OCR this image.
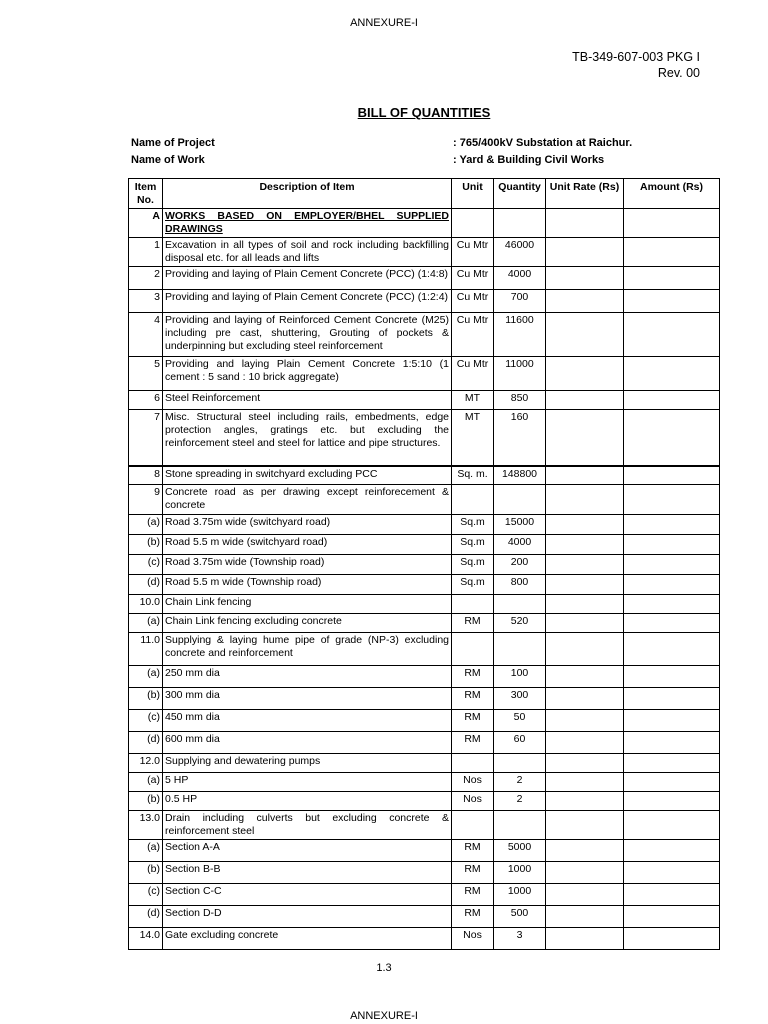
ANNEXURE-I
TB-349-607-003 PKG I
Rev. 00
BILL OF QUANTITIES
Name of Project	: 765/400kV Substation at Raichur.
Name of Work	: Yard & Building Civil Works
Item No.	Description of Item	Unit	Quantity	Unit Rate (Rs)	Amount (Rs)
A	WORKS BASED ON EMPLOYER/BHEL SUPPLIED DRAWINGS				
1	Excavation in all types of soil and rock including backfilling disposal etc. for all leads and lifts	Cu Mtr	46000		
2	Providing and laying of Plain Cement Concrete (PCC) (1:4:8)	Cu Mtr	4000		
3	Providing and laying of Plain Cement Concrete (PCC) (1:2:4)	Cu Mtr	700		
4	Providing and laying of Reinforced Cement Concrete (M25) including pre cast, shuttering, Grouting of pockets & underpinning but excluding steel reinforcement	Cu Mtr	11600		
5	Providing and laying Plain Cement Concrete 1:5:10 (1 cement : 5 sand : 10 brick aggregate)	Cu Mtr	11000		
6	Steel Reinforcement	MT	850		
7	Misc. Structural steel including rails, embedments, edge protection angles, gratings etc. but excluding the reinforcement steel and steel for lattice and pipe structures.	MT	160		
8	Stone spreading in switchyard excluding PCC	Sq. m.	148800		
9	Concrete road as per drawing except reinforecement & concrete				
(a)	Road 3.75m wide (switchyard road)	Sq.m	15000		
(b)	Road 5.5 m wide (switchyard road)	Sq.m	4000		
(c)	Road 3.75m wide (Township road)	Sq.m	200		
(d)	Road 5.5 m wide (Township road)	Sq.m	800		
10.0	Chain Link fencing				
(a)	Chain Link fencing excluding concrete	RM	520		
11.0	Supplying & laying hume pipe of grade (NP-3) excluding concrete and reinforcement				
(a)	250 mm dia	RM	100		
(b)	300 mm dia	RM	300		
(c)	450 mm dia	RM	50		
(d)	600 mm dia	RM	60		
12.0	Supplying and dewatering pumps				
(a)	5 HP	Nos	2		
(b)	0.5 HP	Nos	2		
13.0	Drain including culverts but excluding concrete & reinforcement steel				
(a)	Section A-A	RM	5000		
(b)	Section B-B	RM	1000		
(c)	Section C-C	RM	1000		
(d)	Section D-D	RM	500		
14.0	Gate excluding concrete	Nos	3		
1.3
ANNEXURE-I
